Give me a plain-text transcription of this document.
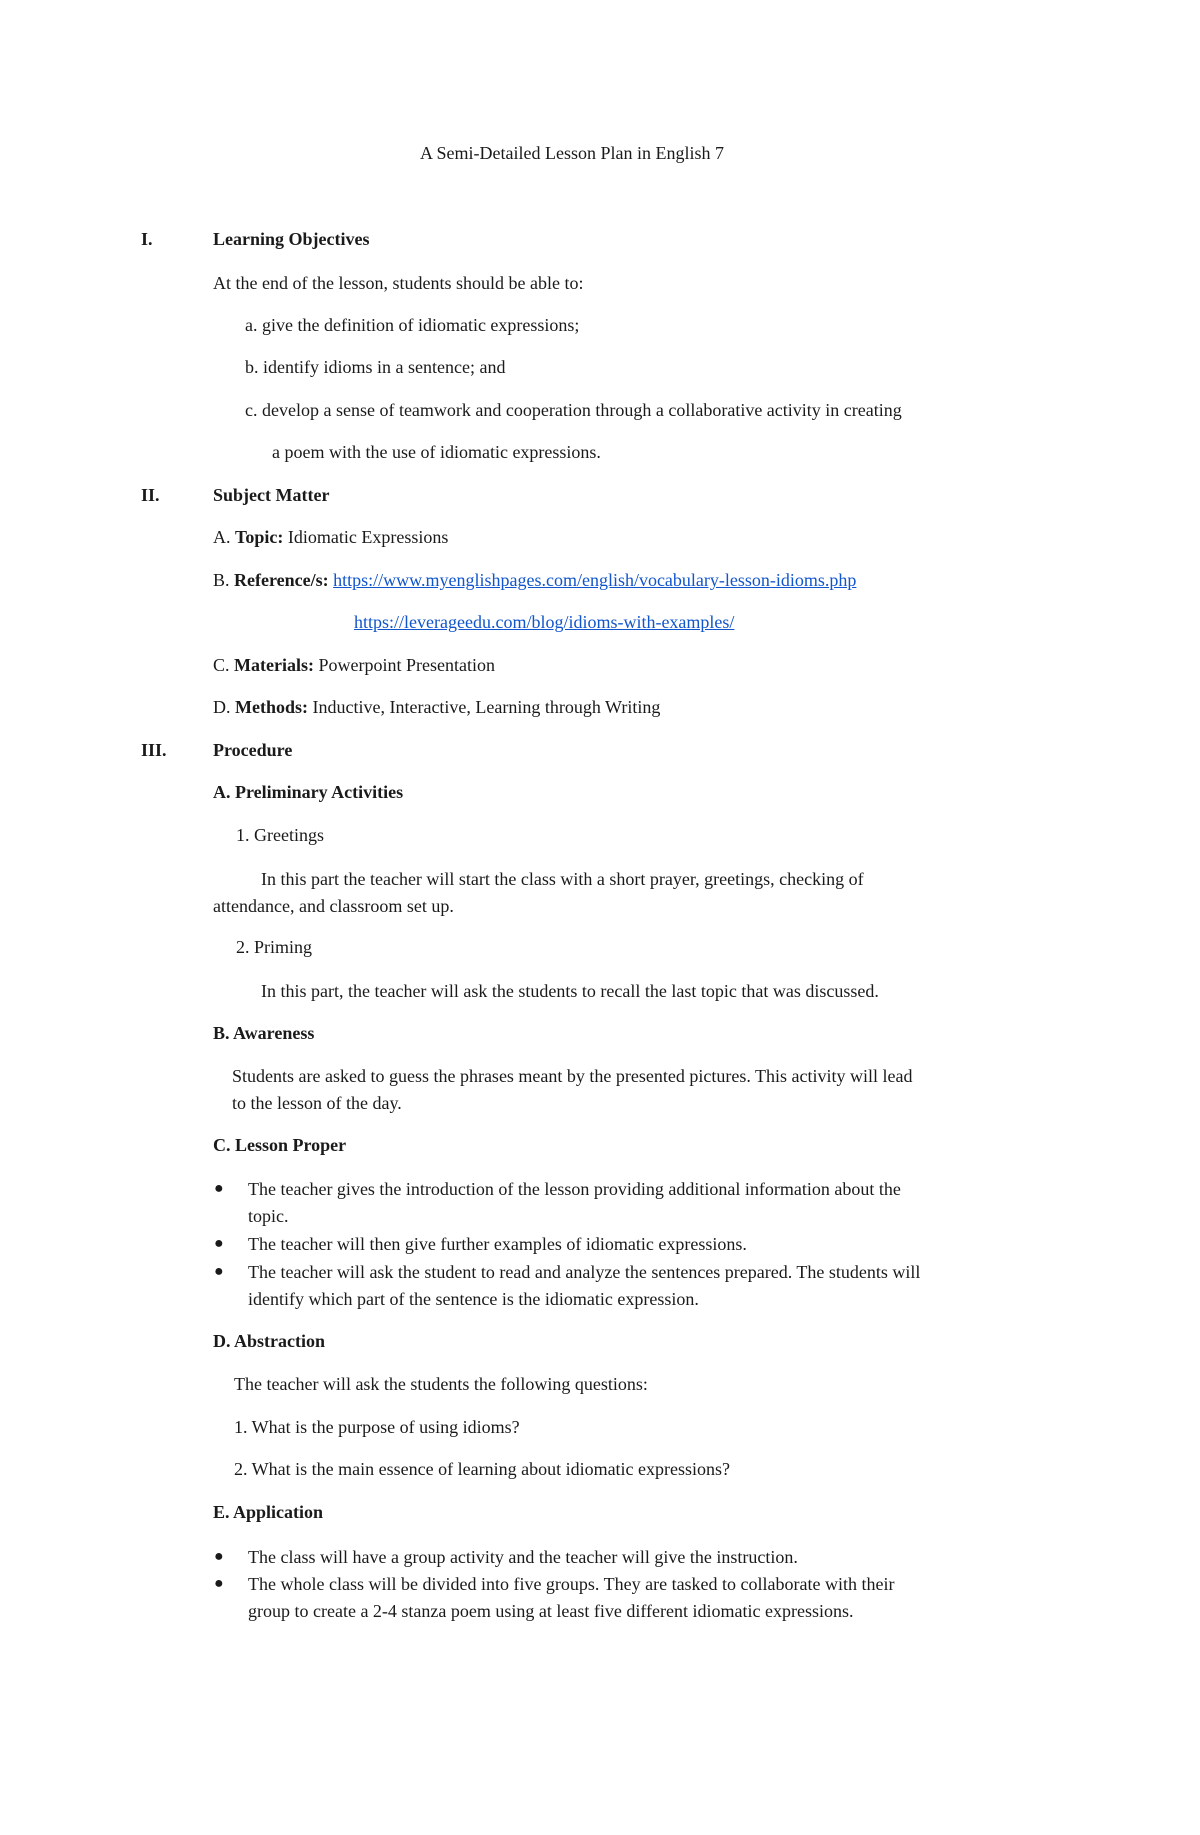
A Semi-Detailed Lesson Plan in English 7
I.	Learning Objectives
At the end of the lesson, students should be able to:
a. give the definition of idiomatic expressions;
b. identify idioms in a sentence; and
c. develop a sense of teamwork and cooperation through a collaborative activity in creating
a poem with the use of idiomatic expressions.
II.	Subject Matter
A. Topic: Idiomatic Expressions
B. Reference/s: https://www.myenglishpages.com/english/vocabulary-lesson-idioms.php
https://leverageedu.com/blog/idioms-with-examples/
C. Materials: Powerpoint Presentation
D. Methods: Inductive, Interactive, Learning through Writing
III.	Procedure
A. Preliminary Activities
1. Greetings
In this part the teacher will start the class with a short prayer, greetings, checking of
attendance, and classroom set up.
2. Priming
In this part, the teacher will ask the students to recall the last topic that was discussed.
B. Awareness
Students are asked to guess the phrases meant by the presented pictures. This activity will lead
to the lesson of the day.
C. Lesson Proper
● The teacher gives the introduction of the lesson providing additional information about the
topic.
● The teacher will then give further examples of idiomatic expressions.
● The teacher will ask the student to read and analyze the sentences prepared. The students will
identify which part of the sentence is the idiomatic expression.
D. Abstraction
The teacher will ask the students the following questions:
1. What is the purpose of using idioms?
2. What is the main essence of learning about idiomatic expressions?
E. Application
● The class will have a group activity and the teacher will give the instruction.
● The whole class will be divided into five groups. They are tasked to collaborate with their
group to create a 2-4 stanza poem using at least five different idiomatic expressions.
